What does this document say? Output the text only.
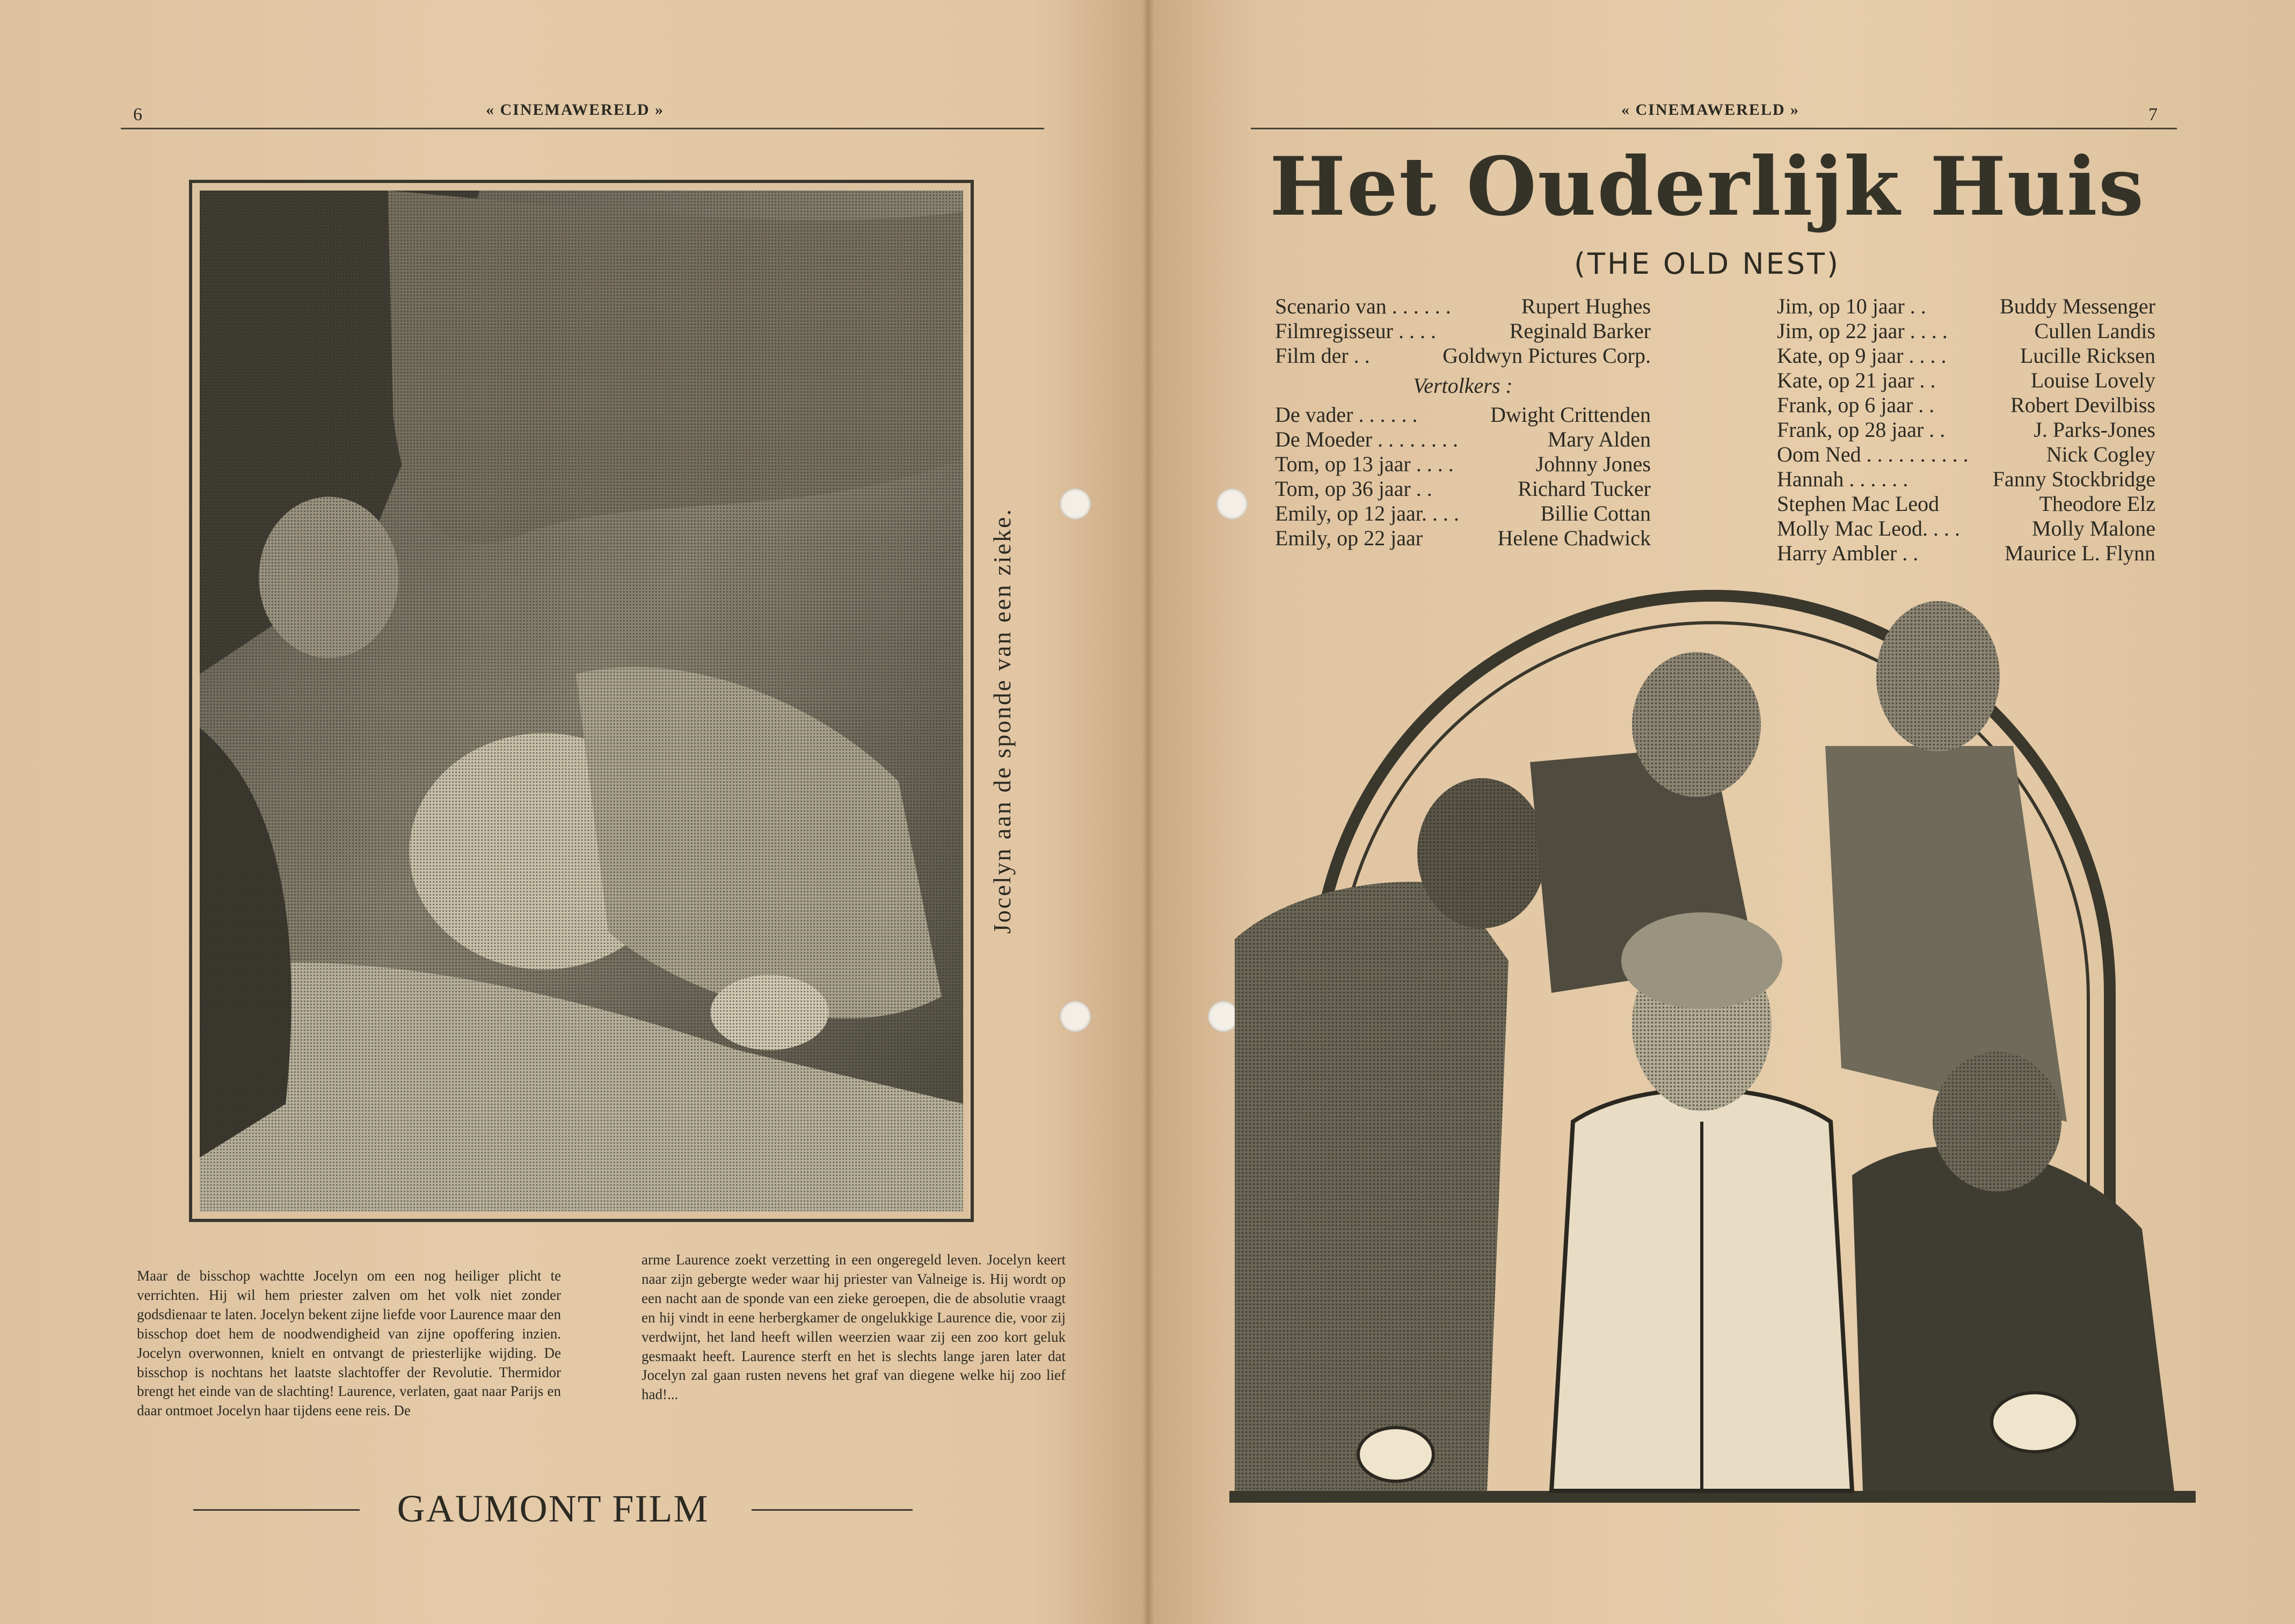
6	« CINEMAWERELD »
Jocelyn aan de sponde van een zieke.
Maar de bisschop wachtte Jocelyn om een nog heiliger plicht te verrichten. Hij wil hem priester zalven om het volk niet zonder godsdienaar te laten. Jocelyn bekent zijne liefde voor Laurence maar den bisschop doet hem de noodwendigheid van zijne opoffering inzien. Jocelyn overwonnen, knielt en ontvangt de priesterlijke wijding. De bisschop is nochtans het laatste slachtoffer der Revolutie. Thermidor brengt het einde van de slachting! Laurence, verlaten, gaat naar Parijs en daar ontmoet Jocelyn haar tijdens eene reis. De
arme Laurence zoekt verzetting in een ongeregeld leven. Jocelyn keert naar zijn gebergte weder waar hij priester van Valneige is. Hij wordt op een nacht aan de sponde van een zieke geroepen, die de absolutie vraagt en hij vindt in eene herbergkamer de ongelukkige Laurence die, voor zij verdwijnt, het land heeft willen weerzien waar zij een zoo kort geluk gesmaakt heeft. Laurence sterft en het is slechts lange jaren later dat Jocelyn zal gaan rusten nevens het graf van diegene welke hij zoo lief had!...
GAUMONT FILM
« CINEMAWERELD »	7
Het Ouderlijk Huis
(THE OLD NEST)
Scenario van . . . . . .	Rupert Hughes
Filmregisseur . . . .	Reginald Barker
Film der . .	Goldwyn Pictures Corp.
Vertolkers :
De vader . . . . . .	Dwight Crittenden
De Moeder . . . . . . . .	Mary Alden
Tom, op 13 jaar . . . .	Johnny Jones
Tom, op 36 jaar . .	Richard Tucker
Emily, op 12 jaar. . . .	Billie Cottan
Emily, op 22 jaar	Helene Chadwick
Jim, op 10 jaar . .	Buddy Messenger
Jim, op 22 jaar . . . .	Cullen Landis
Kate, op 9 jaar . . . .	Lucille Ricksen
Kate, op 21 jaar . .	Louise Lovely
Frank, op 6 jaar . .	Robert Devilbiss
Frank, op 28 jaar . .	J. Parks-Jones
Oom Ned . . . . . . . . . .	Nick Cogley
Hannah . . . . . .	Fanny Stockbridge
Stephen Mac Leod	Theodore Elz
Molly Mac Leod. . . .	Molly Malone
Harry Ambler . .	Maurice L. Flynn
